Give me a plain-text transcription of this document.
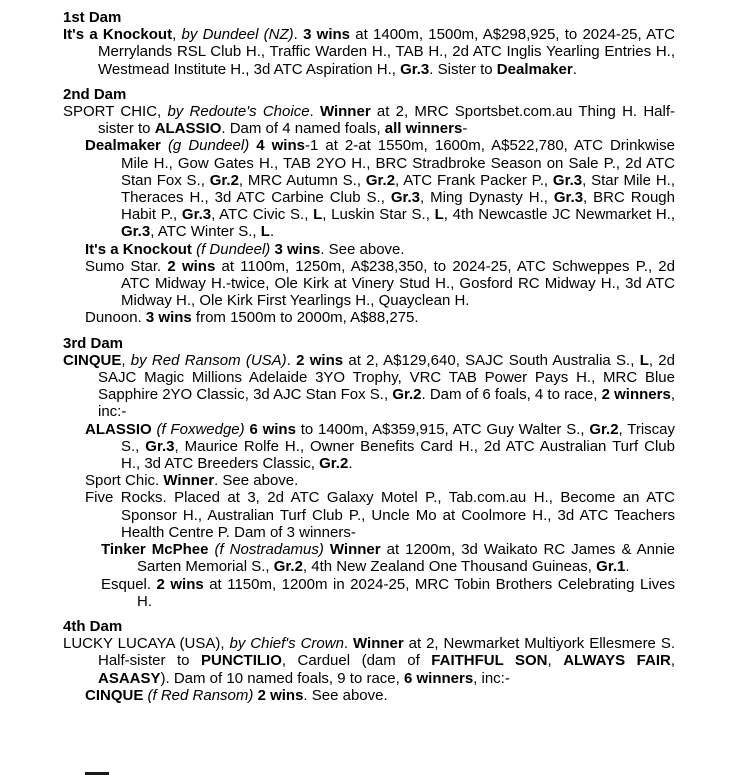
1st Dam
It's a Knockout, by Dundeel (NZ). 3 wins at 1400m, 1500m, A$298,925, to 2024-25, ATC Merrylands RSL Club H., Traffic Warden H., TAB H., 2d ATC Inglis Yearling Entries H., Westmead Institute H., 3d ATC Aspiration H., Gr.3. Sister to Dealmaker.
2nd Dam
SPORT CHIC, by Redoute's Choice. Winner at 2, MRC Sportsbet.com.au Thing H. Half-sister to ALASSIO. Dam of 4 named foals, all winners-
Dealmaker (g Dundeel) 4 wins-1 at 2-at 1550m, 1600m, A$522,780, ATC Drinkwise Mile H., Gow Gates H., TAB 2YO H., BRC Stradbroke Season on Sale P., 2d ATC Stan Fox S., Gr.2, MRC Autumn S., Gr.2, ATC Frank Packer P., Gr.3, Star Mile H., Theraces H., 3d ATC Carbine Club S., Gr.3, Ming Dynasty H., Gr.3, BRC Rough Habit P., Gr.3, ATC Civic S., L, Luskin Star S., L, 4th Newcastle JC Newmarket H., Gr.3, ATC Winter S., L.
It's a Knockout (f Dundeel) 3 wins. See above.
Sumo Star. 2 wins at 1100m, 1250m, A$238,350, to 2024-25, ATC Schweppes P., 2d ATC Midway H.-twice, Ole Kirk at Vinery Stud H., Gosford RC Midway H., 3d ATC Midway H., Ole Kirk First Yearlings H., Quayclean H.
Dunoon. 3 wins from 1500m to 2000m, A$88,275.
3rd Dam
CINQUE, by Red Ransom (USA). 2 wins at 2, A$129,640, SAJC South Australia S., L, 2d SAJC Magic Millions Adelaide 3YO Trophy, VRC TAB Power Pays H., MRC Blue Sapphire 2YO Classic, 3d AJC Stan Fox S., Gr.2. Dam of 6 foals, 4 to race, 2 winners, inc:-
ALASSIO (f Foxwedge) 6 wins to 1400m, A$359,915, ATC Guy Walter S., Gr.2, Triscay S., Gr.3, Maurice Rolfe H., Owner Benefits Card H., 2d ATC Australian Turf Club H., 3d ATC Breeders Classic, Gr.2.
Sport Chic. Winner. See above.
Five Rocks. Placed at 3, 2d ATC Galaxy Motel P., Tab.com.au H., Become an ATC Sponsor H., Australian Turf Club P., Uncle Mo at Coolmore H., 3d ATC Teachers Health Centre P. Dam of 3 winners-
Tinker McPhee (f Nostradamus) Winner at 1200m, 3d Waikato RC James & Annie Sarten Memorial S., Gr.2, 4th New Zealand One Thousand Guineas, Gr.1.
Esquel. 2 wins at 1150m, 1200m in 2024-25, MRC Tobin Brothers Celebrating Lives H.
4th Dam
LUCKY LUCAYA (USA), by Chief's Crown. Winner at 2, Newmarket Multiyork Ellesmere S. Half-sister to PUNCTILIO, Carduel (dam of FAITHFUL SON, ALWAYS FAIR, ASAASY). Dam of 10 named foals, 9 to race, 6 winners, inc:-
CINQUE (f Red Ransom) 2 wins. See above.
